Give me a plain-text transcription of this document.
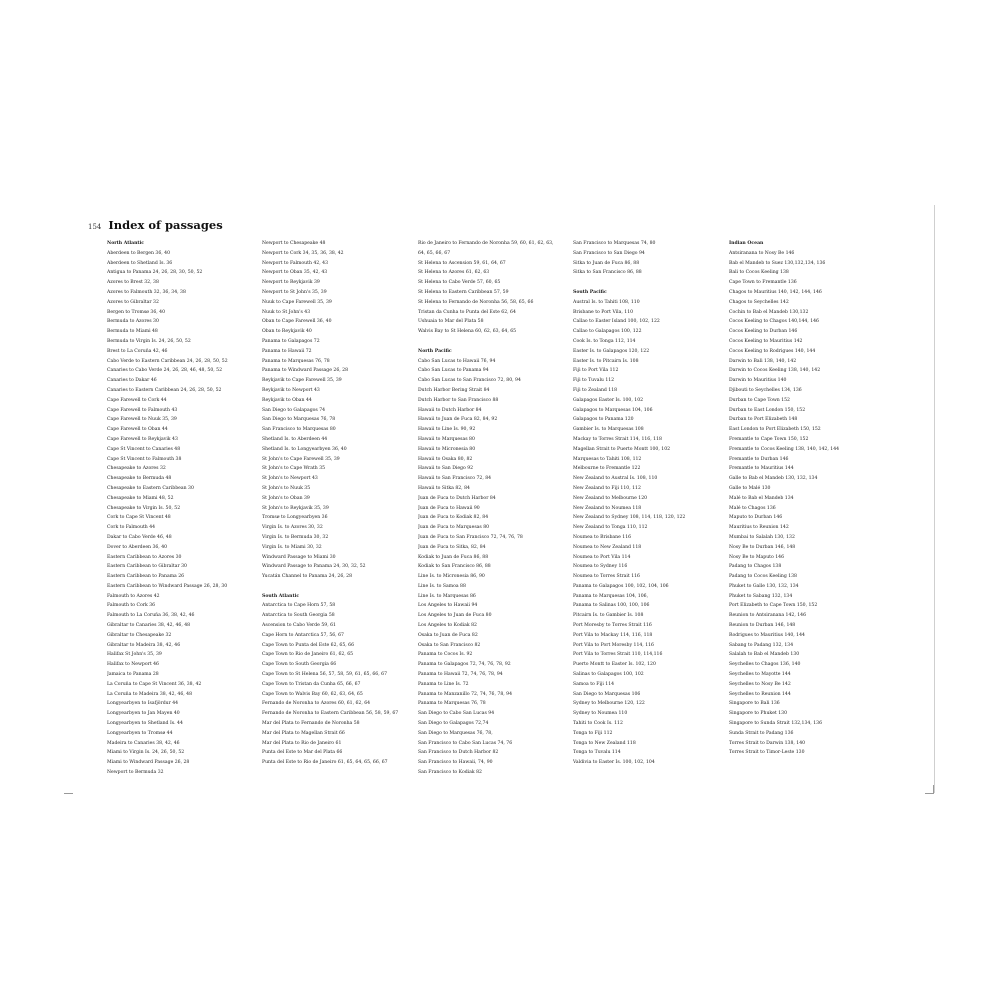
154 Index of passages
North Atlantic
Aberdeen to Bergen 36, 40
Aberdeen to Shetland Is. 36
Antigua to Panama 24, 26, 28, 30, 50, 52
Azores to Brest 32, 38
Azores to Falmouth 32, 36, 34, 38
Azores to Gibraltar 32
Bergen to Tromsø 36, 40
Bermuda to Azores 30
Bermuda to Miami 48
Bermuda to Virgin Is. 24, 26, 50, 52
Brest to La Coruña 42, 46
Cabo Verde to Eastern Caribbean 24, 26, 28, 50, 52
Canaries to Cabo Verde 24, 26, 28, 46, 48, 50, 52
Canaries to Dakar 46
Canaries to Eastern Caribbean 24, 26, 28, 50, 52
Cape Farewell to Cork 44
Cape Farewell to Falmouth 43
Cape Farewell to Nuuk 35, 39
Cape Farewell to Oban 44
Cape Farewell to Reykjavik 43
Cape St Vincent to Canaries 48
Cape St Vincent to Falmouth 38
Chesapeake to Azores 32
Chesapeake to Bermuda 48
Chesapeake to Eastern Caribbean 30
Chesapeake to Miami 48, 52
Chesapeake to Virgin Is. 50, 52
Cork to Cape St Vincent 48
Cork to Falmouth 44
Dakar to Cabo Verde 46, 48
Dover to Aberdeen 36, 40
Eastern Caribbean to Azores 30
Eastern Caribbean to Gibraltar 30
Eastern Caribbean to Panama 26
Eastern Caribbean to Windward Passage 26, 28, 30
Falmouth to Azores 42
Falmouth to Cork 36
Falmouth to La Coruña 36, 38, 42, 46
Gibraltar to Canaries 38, 42, 46, 48
Gibraltar to Chesapeake 32
Gibraltar to Madeira 38, 42, 46
Halifax St John's 35, 39
Halifax to Newport 46
Jamaica to Panama 28
La Coruña to Cape St Vincent 36, 38, 42
La Coruña to Madeira 38, 42, 46, 48
Longyearbyen to Isafjördur 44
Longyearbyen to Jan Mayen 40
Longyearbyen to Shetland Is. 44
Longyearbyen to Tromsø 44
Madeira to Canaries 38, 42, 46
Miami to Virgin Is. 24, 26, 50, 52
Miami to Windward Passage 26, 28
Newport to Bermuda 32
Newport to Chesapeake 48
Newport to Cork 34, 35, 36, 38, 42
Newport to Falmouth 42, 43
Newport to Oban 35, 42, 43
Newport to Reykjavik 39
Newport to St John's 35, 39
Nuuk to Cape Farewell 35, 39
Nuuk to St John's 43
Oban to Cape Farewell 36, 40
Oban to Reykjavik 40
Panama to Galapagos 72
Panama to Hawaii 72
Panama to Marquesas 76, 78
Panama to Windward Passage 26, 28
Reykjavik to Cape Farewell 35, 39
Reykjavik to Newport 43
Reykjavik to Oban 44
San Diego to Galapagos 74
San Diego to Marquesas 76, 78
San Francisco to Marquesas 80
Shetland Is. to Aberdeen 44
Shetland Is. to Longyearbyen 36, 40
St John's to Cape Farewell 35, 39
St John's to Cape Wrath 35
St John's to Newport 43
St John's to Nuuk 35
St John's to Oban 39
St John's to Reykjavik 35, 39
Tromsø to Longyearbyen 36
Virgin Is. to Azores 30, 32
Virgin Is. to Bermuda 30, 32
Virgin Is. to Miami 30, 32
Windward Passage to Miami 30
Windward Passage to Panama 24, 30, 32, 52
Yucatán Channel to Panama 24, 26, 28
South Atlantic
Antarctica to Cape Horn 57, 58
Antarctica to South Georgia 58
Ascension to Cabo Verde 59, 61
Cape Horn to Antarctica 57, 56, 67
Cape Town to Punta del Este 62, 65, 66
Cape Town to Rio de Janeiro 61, 62, 65
Cape Town to South Georgia 66
Cape Town to St Helena 56, 57, 58, 59, 61, 65, 66, 67
Cape Town to Tristan da Cunha 65, 66, 67
Cape Town to Walvis Bay 60, 62, 63, 64, 65
Fernando de Noronha to Azores 60, 61, 62, 64
Fernando de Noronha to Eastern Caribbean 56, 58, 59, 67
Mar del Plata to Fernando de Noronha 58
Mar del Plata to Magellan Strait 66
Mar del Plata to Rio de Janeiro 61
Punta del Este to Mar del Plata 66
Punta del Este to Rio de Janeiro 61, 65, 64, 65, 66, 67
Rio de Janeiro to Fernando de Noronha 59, 60, 61, 62, 63,
64, 65, 66, 67
St Helena to Ascension 59, 61, 64, 67
St Helena to Azores 61, 62, 63
St Helena to Cabo Verde 57, 60, 65
St Helena to Eastern Caribbean 57, 59
St Helena to Fernando de Noronha 56, 58, 65, 66
Tristan da Cunha to Punta del Este 62, 64
Ushuaia to Mar del Plata 58
Walvis Bay to St Helena 60, 62, 63, 64, 65
North Pacific
Cabo San Lucas to Hawaii 76, 94
Cabo San Lucas to Panama 94
Cabo San Lucas to San Francisco 72, 80, 94
Dutch Harbor Bering Strait 84
Dutch Harbor to San Francisco 88
Hawaii to Dutch Harbor 84
Hawaii to Juan de Fuca 82, 84, 92
Hawaii to Line Is. 90, 92
Hawaii to Marquesas 80
Hawaii to Micronesia 80
Hawaii to Osaka 80, 82
Hawaii to San Diego 92
Hawaii to San Francisco 72, 84
Hawaii to Sitka 82, 84
Juan de Fuca to Dutch Harbor 84
Juan de Fuca to Hawaii 90
Juan de Fuca to Kodiak 82, 84
Juan de Fuca to Marquesas 80
Juan de Fuca to San Francisco 72, 74, 76, 78
Juan de Fuca to Sitka, 82, 84
Kodiak to Juan de Fuca 86, 88
Kodiak to San Francisco 86, 88
Line Is. to Micronesia 86, 90
Line Is. to Samoa 88
Line Is. to Marquesas 86
Los Angeles to Hawaii 94
Los Angeles to Juan de Fuca 80
Los Angeles to Kodiak 82
Osaka to Juan de Fuca 82
Osaka to San Francisco 82
Panama to Cocos Is. 92
Panama to Galapagos 72, 74, 76, 78, 92
Panama to Hawaii 72, 74, 76, 78, 94
Panama to Line Is. 72
Panama to Manzanillo 72, 74, 76, 78, 94
Panama to Marquesas 76, 78
San Diego to Cabo San Lucas 94
San Diego to Galapagos 72,74
San Diego to Marquesas 76, 78,
San Francisco to Cabo San Lucas 74, 76
San Francisco to Dutch Harbor 82
San Francisco to Hawaii, 74, 90
San Francisco to Kodiak 82
San Francisco to Marquesas 74, 80
San Francisco to San Diego 94
Sitka to Juan de Fuca 86, 88
Sitka to San Francisco 86, 88
South Pacific
Austral Is. to Tahiti 108, 110
Brisbane to Port Vila, 110
Callao to Easter Island 100, 102, 122
Callao to Galapagos 100, 122
Cook Is. to Tonga 112, 114
Easter Is. to Galapagos 120, 122
Easter Is. to Pitcairn Is. 108
Fiji to Port Vila 112
Fiji to Tuvalu 112
Fiji to Zealand 118
Galapagos Easter Is. 100, 102
Galapagos to Marquesas 104, 106
Galapagos to Panama 120
Gambier Is. to Marquesas 108
Mackay to Torres Strait 114, 116, 118
Magellan Strait to Puerto Montt 100, 102
Marquesas to Tahiti 108, 112
Melbourne to Fremantle 122
New Zealand to Austral Is. 108, 110
New Zealand to Fiji 110, 112
New Zealand to Melbourne 120
New Zealand to Noumea 118
New Zealand to Sydney 108, 114, 118, 120, 122
New Zealand to Tonga 110, 112
Noumea to Brisbane 116
Noumea to New Zealand 118
Noumea to Port Vila 114
Noumea to Sydney 116
Noumea to Torres Strait 116
Panama to Galapagos 100, 102, 104, 106
Panama to Marquesas 104, 106,
Panama to Salinas 100, 100, 106
Pitcairn Is. to Gambier Is. 108
Port Moresby to Torres Strait 116
Port Vila to Mackay 114, 116, 118
Port Vila to Port Moresby 114, 116
Port Vila to Torres Strait 110, 114,116
Puerto Montt to Easter Is. 102, 120
Salinas to Galapagos 100, 102
Samoa to Fiji 114
San Diego to Marquesas 106
Sydney to Melbourne 120, 122
Sydney to Noumea 110
Tahiti to Cook Is. 112
Tonga to Fiji 112
Tonga to New Zealand 118
Tonga to Tuvalu 114
Valdivia to Easter Is. 100, 102, 104
Indian Ocean
Antsiranana to Nosy Be 146
Bab el Mandeb to Suez 130,132,134, 136
Bali to Cocos Keeling 138
Cape Town to Fremantle 136
Chagos to Mauritius 140, 142, 144, 146
Chagos to Seychelles 142
Cochin to Bab el Mandeb 130,132
Cocos Keeling to Chagos 140,144, 146
Cocos Keeling to Durban 146
Cocos Keeling to Mauritius 142
Cocos Keeling to Rodrigues 140, 144
Darwin to Bali 138, 140, 142
Darwin to Cocos Keeling 138, 140, 142
Darwin to Mauritius 140
Djibouti to Seychelles 134, 136
Durban to Cape Town 152
Durban to East London 150, 152
Durban to Port Elizabeth 148
East London to Port Elizabeth 150, 152
Fremantle to Cape Town 150, 152
Fremantle to Cocos Keeling 138, 140, 142, 144
Fremantle to Durban 146
Fremantle to Mauritius 144
Galle to Bab el Mandeb 130, 132, 134
Galle to Malé 130
Malé to Bab el Mandeb 134
Malé to Chagos 136
Maputo to Durban 146
Mauritius to Reunion 142
Mumbai to Salalah 130, 132
Nosy Be to Durban 146, 148
Nosy Be to Maputo 146
Padang to Chagos 138
Padang to Cocos Keeling 138
Phuket to Galle 130, 132, 134
Phuket to Sabang 132, 134
Port Elizabeth to Cape Town 150, 152
Reunion to Antsiranana 142, 146
Reunion to Durban 146, 148
Rodrigues to Mauritius 140, 144
Sabang to Padang 132, 134
Salalah to Bab el Mandeb 130
Seychelles to Chagos 136, 140
Seychelles to Mayotte 144
Seychelles to Nosy Be 142
Seychelles to Reunion 144
Singapore to Bali 136
Singapore to Phuket 130
Singapore to Sunda Strait 132,134, 136
Sunda Strait to Padang 136
Torres Strait to Darwin 138, 140
Torres Strait to Timor-Leste 130
